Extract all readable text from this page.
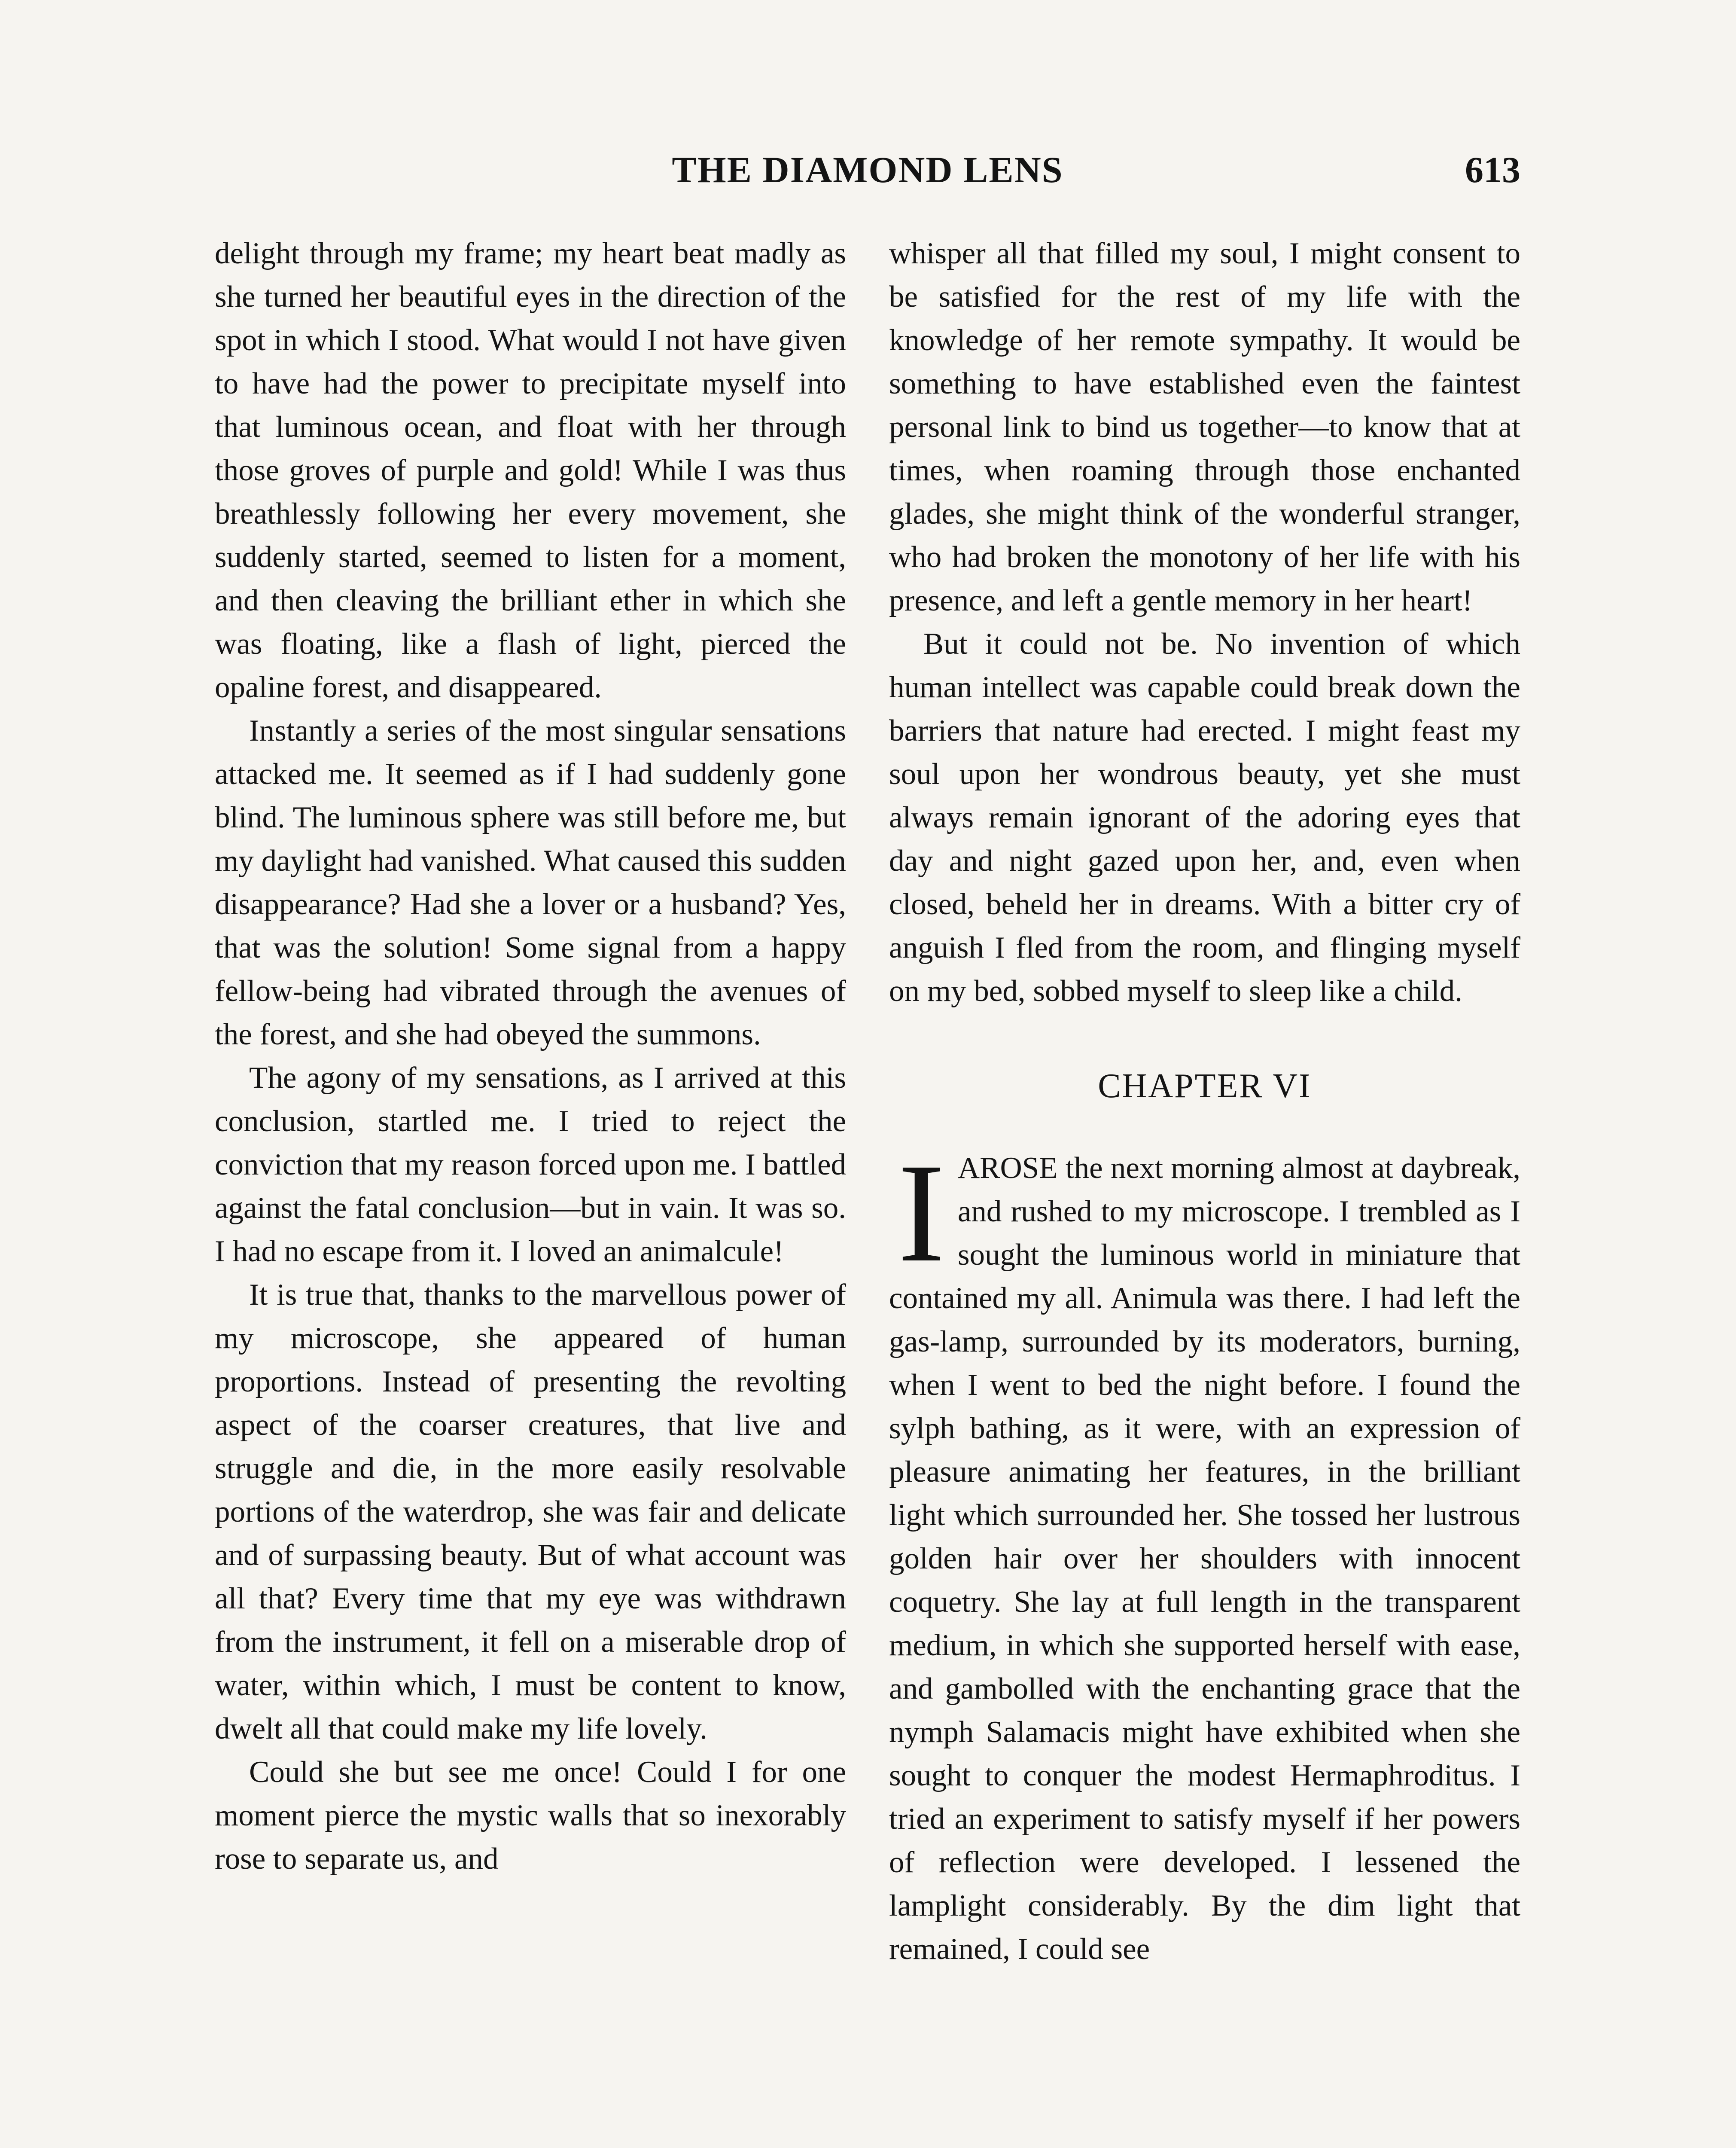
THE DIAMOND LENS	613

delight through my frame; my heart beat madly as she turned her beautiful eyes in the direction of the spot in which I stood. What would I not have given to have had the power to precipitate myself into that luminous ocean, and float with her through those groves of purple and gold! While I was thus breathlessly following her every movement, she suddenly started, seemed to listen for a moment, and then cleaving the brilliant ether in which she was floating, like a flash of light, pierced the opaline forest, and disappeared.

Instantly a series of the most singular sensations attacked me. It seemed as if I had suddenly gone blind. The luminous sphere was still before me, but my daylight had vanished. What caused this sudden disappearance? Had she a lover or a husband? Yes, that was the solution! Some signal from a happy fellow-being had vibrated through the avenues of the forest, and she had obeyed the summons.

The agony of my sensations, as I arrived at this conclusion, startled me. I tried to reject the conviction that my reason forced upon me. I battled against the fatal conclusion—but in vain. It was so. I had no escape from it. I loved an animalcule!

It is true that, thanks to the marvellous power of my microscope, she appeared of human proportions. Instead of presenting the revolting aspect of the coarser creatures, that live and struggle and die, in the more easily resolvable portions of the waterdrop, she was fair and delicate and of surpassing beauty. But of what account was all that? Every time that my eye was withdrawn from the instrument, it fell on a miserable drop of water, within which, I must be content to know, dwelt all that could make my life lovely.

Could she but see me once! Could I for one moment pierce the mystic walls that so inexorably rose to separate us, and

whisper all that filled my soul, I might consent to be satisfied for the rest of my life with the knowledge of her remote sympathy. It would be something to have established even the faintest personal link to bind us together—to know that at times, when roaming through those enchanted glades, she might think of the wonderful stranger, who had broken the monotony of her life with his presence, and left a gentle memory in her heart!

But it could not be. No invention of which human intellect was capable could break down the barriers that nature had erected. I might feast my soul upon her wondrous beauty, yet she must always remain ignorant of the adoring eyes that day and night gazed upon her, and, even when closed, beheld her in dreams. With a bitter cry of anguish I fled from the room, and flinging myself on my bed, sobbed myself to sleep like a child.

CHAPTER VI

IAROSE the next morning almost at daybreak, and rushed to my microscope. I trembled as I sought the luminous world in miniature that contained my all. Animula was there. I had left the gas-lamp, surrounded by its moderators, burning, when I went to bed the night before. I found the sylph bathing, as it were, with an expression of pleasure animating her features, in the brilliant light which surrounded her. She tossed her lustrous golden hair over her shoulders with innocent coquetry. She lay at full length in the transparent medium, in which she supported herself with ease, and gambolled with the enchanting grace that the nymph Salamacis might have exhibited when she sought to conquer the modest Hermaphroditus. I tried an experiment to satisfy myself if her powers of reflection were developed. I lessened the lamplight considerably. By the dim light that remained, I could see
